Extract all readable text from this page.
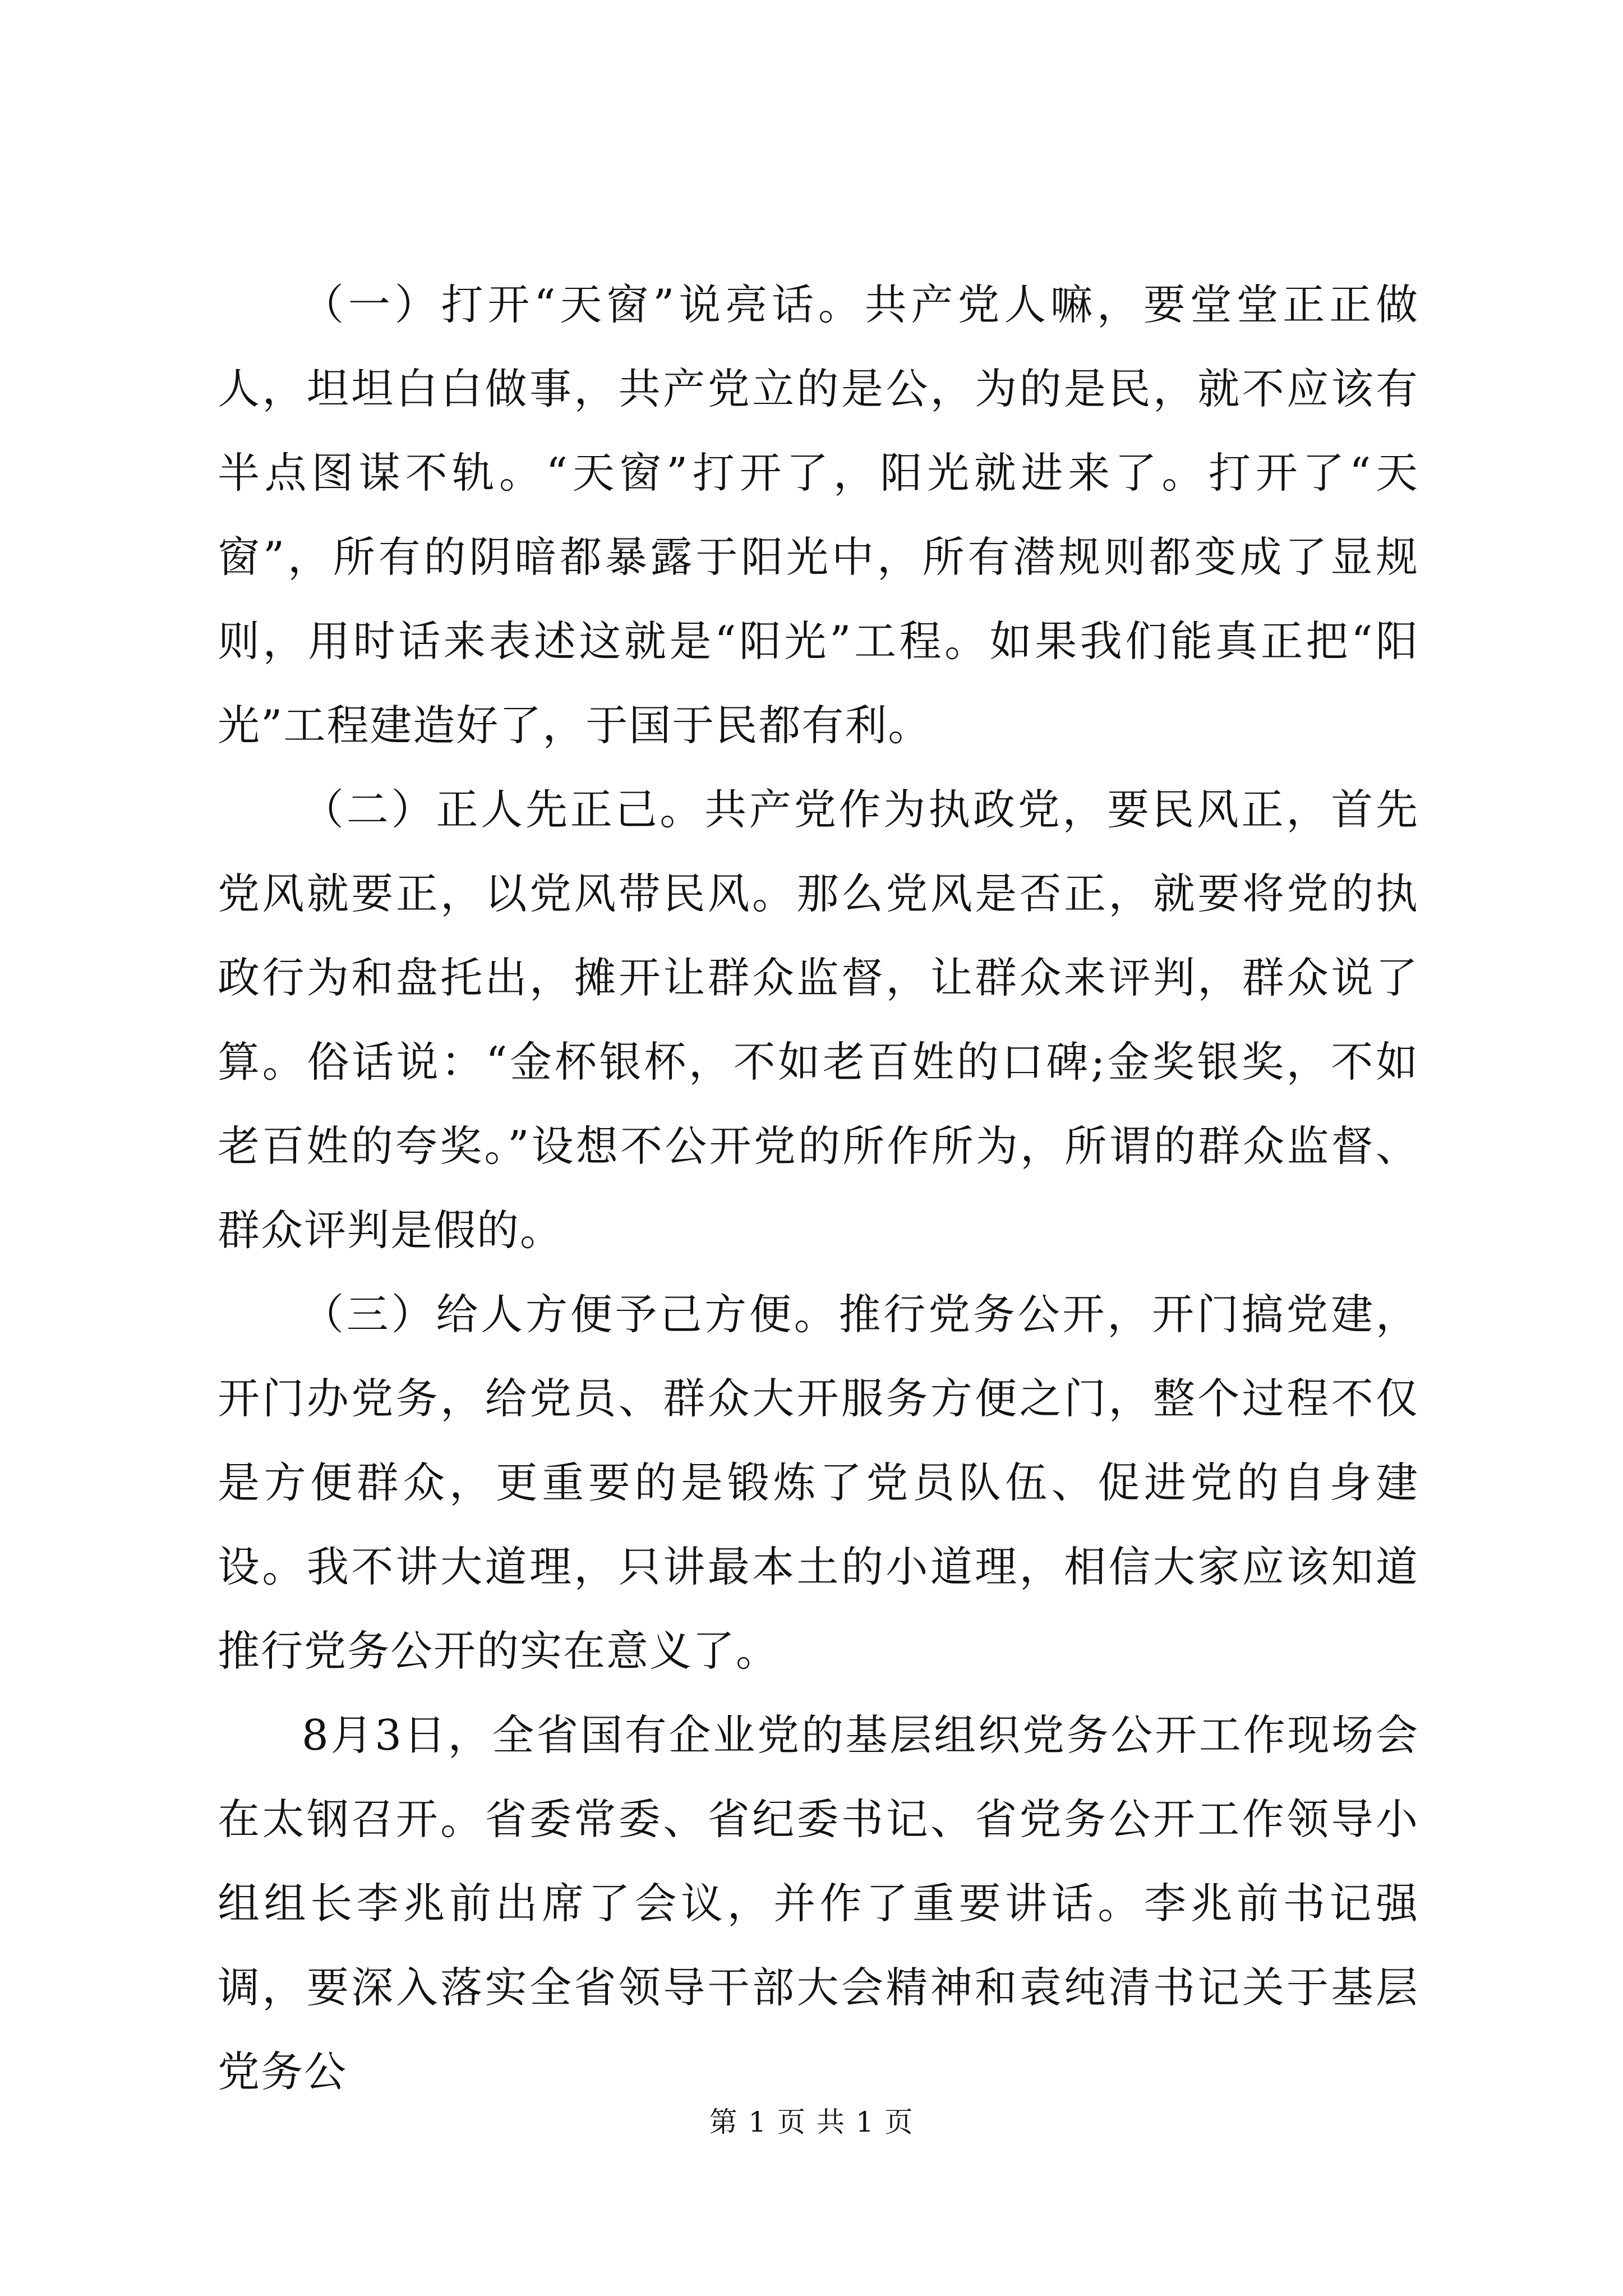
（一）打开“天窗”说亮话。共产党人嘛，要堂堂正正做人，坦坦白白做事，共产党立的是公，为的是民，就不应该有半点图谋不轨。“天窗”打开了，阳光就进来了。打开了“天窗”，所有的阴暗都暴露于阳光中，所有潜规则都变成了显规则，用时话来表述这就是“阳光”工程。如果我们能真正把“阳光”工程建造好了，于国于民都有利。

（二）正人先正己。共产党作为执政党，要民风正，首先党风就要正，以党风带民风。那么党风是否正，就要将党的执政行为和盘托出，摊开让群众监督，让群众来评判，群众说了算。俗话说：“金杯银杯，不如老百姓的口碑;金奖银奖，不如老百姓的夸奖。”设想不公开党的所作所为，所谓的群众监督、群众评判是假的。

（三）给人方便予己方便。推行党务公开，开门搞党建，开门办党务，给党员、群众大开服务方便之门，整个过程不仅是方便群众，更重要的是锻炼了党员队伍、促进党的自身建设。我不讲大道理，只讲最本土的小道理，相信大家应该知道推行党务公开的实在意义了。

8月3日，全省国有企业党的基层组织党务公开工作现场会在太钢召开。省委常委、省纪委书记、省党务公开工作领导小组组长李兆前出席了会议，并作了重要讲话。李兆前书记强调，要深入落实全省领导干部大会精神和袁纯清书记关于基层党务公

第 1 页 共 1 页
